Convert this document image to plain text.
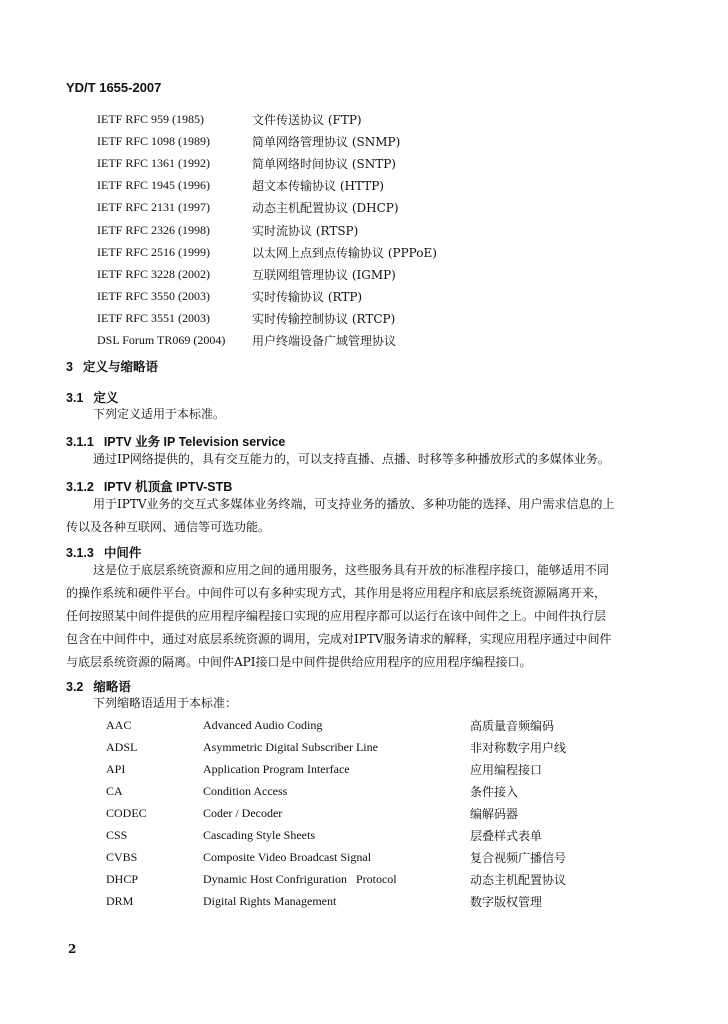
YD/T 1655-2007
IETF RFC 959 (1985)	文件传送协议 (FTP)
IETF RFC 1098 (1989)	简单网络管理协议 (SNMP)
IETF RFC 1361 (1992)	简单网络时间协议 (SNTP)
IETF RFC 1945 (1996)	超文本传输协议 (HTTP)
IETF RFC 2131 (1997)	动态主机配置协议 (DHCP)
IETF RFC 2326 (1998)	实时流协议 (RTSP)
IETF RFC 2516 (1999)	以太网上点到点传输协议 (PPPoE)
IETF RFC 3228 (2002)	互联网组管理协议 (IGMP)
IETF RFC 3550 (2003)	实时传输协议 (RTP)
IETF RFC 3551 (2003)	实时传输控制协议 (RTCP)
DSL Forum TR069 (2004)	用户终端设备广域管理协议
3 定义与缩略语
3.1 定义
下列定义适用于本标准。
3.1.1 IPTV 业务 IP Television service
通过IP网络提供的，具有交互能力的，可以支持直播、点播、时移等多种播放形式的多媒体业务。
3.1.2 IPTV 机顶盒 IPTV-STB
用于IPTV业务的交互式多媒体业务终端，可支持业务的播放、多种功能的选择、用户需求信息的上
传以及各种互联网、通信等可选功能。
3.1.3 中间件
这是位于底层系统资源和应用之间的通用服务，这些服务具有开放的标准程序接口，能够适用不同
的操作系统和硬件平台。中间件可以有多种实现方式，其作用是将应用程序和底层系统资源隔离开来，
任何按照某中间件提供的应用程序编程接口实现的应用程序都可以运行在该中间件之上。中间件执行层
包含在中间件中，通过对底层系统资源的调用，完成对IPTV服务请求的解释，实现应用程序通过中间件
与底层系统资源的隔离。中间件API接口是中间件提供给应用程序的应用程序编程接口。
3.2 缩略语
下列缩略语适用于本标准：
AAC	Advanced Audio Coding	高质量音频编码
ADSL	Asymmetric Digital Subscriber Line	非对称数字用户线
API	Application Program Interface	应用编程接口
CA	Condition Access	条件接入
CODEC	Coder / Decoder	编解码器
CSS	Cascading Style Sheets	层叠样式表单
CVBS	Composite Video Broadcast Signal	复合视频广播信号
DHCP	Dynamic Host Confriguration   Protocol	动态主机配置协议
DRM	Digital Rights Management	数字版权管理
2
